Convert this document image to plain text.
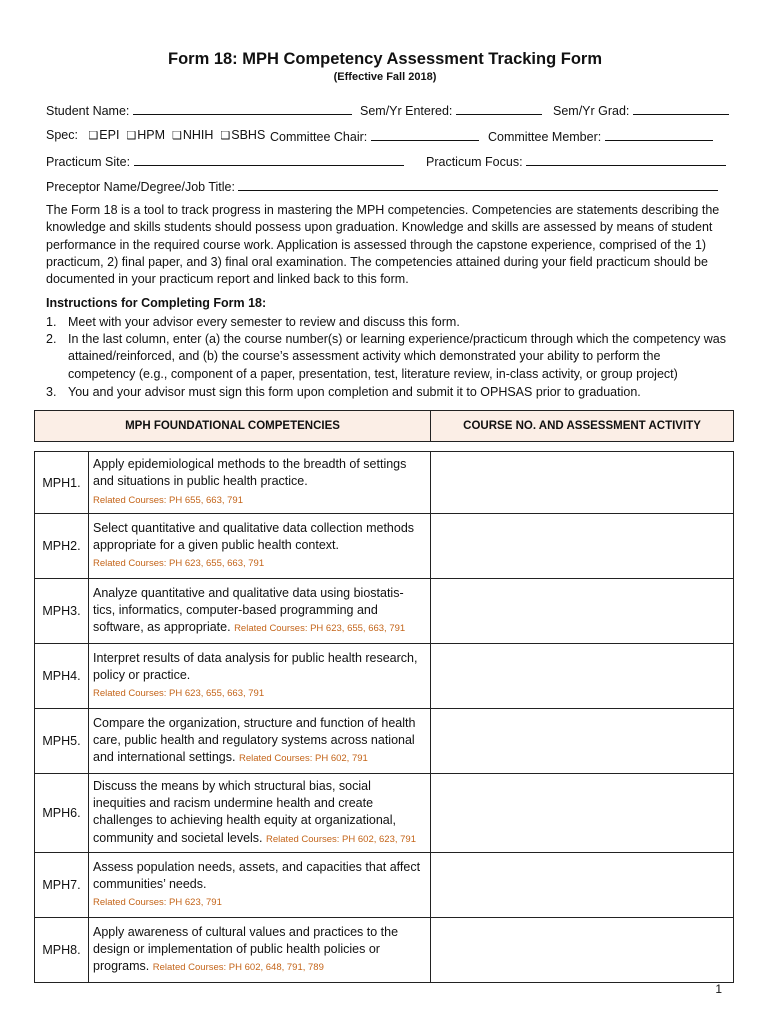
Form 18: MPH Competency Assessment Tracking Form
(Effective Fall 2018)
Student Name:	Sem/Yr Entered:	Sem/Yr Grad:
Spec: ❑EPI ❑HPM ❑NHIH ❑SBHS Committee Chair:	Committee Member:
Practicum Site:	Practicum Focus:
Preceptor Name/Degree/Job Title:
The Form 18 is a tool to track progress in mastering the MPH competencies. Competencies are statements describing the knowledge and skills students should possess upon graduation. Knowledge and skills are assessed by means of student performance in the required course work. Application is assessed through the capstone experience, comprised of the 1) practicum, 2) final paper, and 3) final oral examination. The competencies attained during your field practicum should be documented in your practicum report and linked back to this form.
Instructions for Completing Form 18:
1. Meet with your advisor every semester to review and discuss this form.
2. In the last column, enter (a) the course number(s) or learning experience/practicum through which the competency was attained/reinforced, and (b) the course’s assessment activity which demonstrated your ability to perform the competency (e.g., component of a paper, presentation, test, literature review, in-class activity, or group project)
3. You and your advisor must sign this form upon completion and submit it to OPHSAS prior to graduation.
MPH FOUNDATIONAL COMPETENCIES		COURSE NO. AND ASSESSMENT ACTIVITY

MPH1.	Apply epidemiological methods to the breadth of settings and situations in public health practice.
Related Courses: PH 655, 663, 791	
MPH2.	Select quantitative and qualitative data collection methods appropriate for a given public health context.
Related Courses: PH 623, 655, 663, 791	
MPH3.	Analyze quantitative and qualitative data using biostatis-tics, informatics, computer-based programming and software, as appropriate. Related Courses: PH 623, 655, 663, 791	
MPH4.	Interpret results of data analysis for public health research, policy or practice.
Related Courses: PH 623, 655, 663, 791	
MPH5.	Compare the organization, structure and function of health care, public health and regulatory systems across national and international settings. Related Courses: PH 602, 791	
MPH6.	Discuss the means by which structural bias, social inequities and racism undermine health and create challenges to achieving health equity at organizational, community and societal levels. Related Courses: PH 602, 623, 791	
MPH7.	Assess population needs, assets, and capacities that affect communities’ needs.
Related Courses: PH 623, 791	
MPH8.	Apply awareness of cultural values and practices to the design or implementation of public health policies or programs. Related Courses: PH 602, 648, 791, 789	
1
